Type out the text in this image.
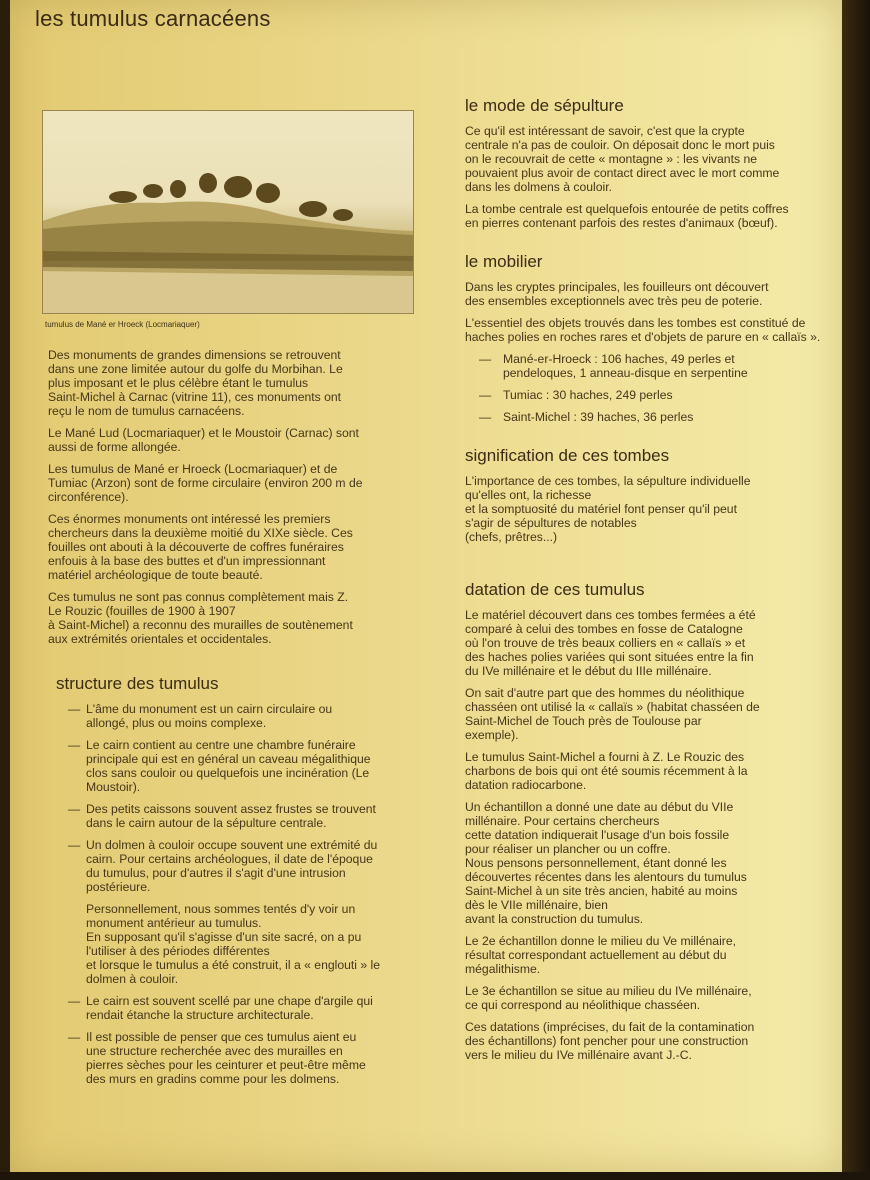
les tumulus carnacéens
tumulus de Mané er Hroeck (Locmariaquer)

Des monuments de grandes dimensions se retrouvent
dans une zone limitée autour du golfe du Morbihan. Le
plus imposant et le plus célèbre étant le tumulus
Saint-Michel à Carnac (vitrine 11), ces monuments ont
reçu le nom de tumulus carnacéens.

Le Mané Lud (Locmariaquer) et le Moustoir (Carnac) sont
aussi de forme allongée.

Les tumulus de Mané er Hroeck (Locmariaquer) et de
Tumiac (Arzon) sont de forme circulaire (environ 200 m de
circonférence).

Ces énormes monuments ont intéressé les premiers
chercheurs dans la deuxième moitié du XIXe siècle. Ces
fouilles ont abouti à la découverte de coffres funéraires
enfouis à la base des buttes et d'un impressionnant
matériel archéologique de toute beauté.

Ces tumulus ne sont pas connus complètement mais Z.
Le Rouzic (fouilles de 1900 à 1907
à Saint-Michel) a reconnu des murailles de soutènement
aux extrémités orientales et occidentales.

structure des tumulus
— L'âme du monument est un cairn circulaire ou
allongé, plus ou moins complexe.
— Le cairn contient au centre une chambre funéraire
principale qui est en général un caveau mégalithique
clos sans couloir ou quelquefois une incinération (Le
Moustoir).
— Des petits caissons souvent assez frustes se trouvent
dans le cairn autour de la sépulture centrale.
— Un dolmen à couloir occupe souvent une extrémité du
cairn. Pour certains archéologues, il date de l'époque
du tumulus, pour d'autres il s'agit d'une intrusion
postérieure.
Personnellement, nous sommes tentés d'y voir un
monument antérieur au tumulus.
En supposant qu'il s'agisse d'un site sacré, on a pu
l'utiliser à des périodes différentes
et lorsque le tumulus a été construit, il a « englouti » le
dolmen à couloir.
— Le cairn est souvent scellé par une chape d'argile qui
rendait étanche la structure architecturale.
— Il est possible de penser que ces tumulus aient eu
une structure recherchée avec des murailles en
pierres sèches pour les ceinturer et peut-être même
des murs en gradins comme pour les dolmens.
le mode de sépulture

Ce qu'il est intéressant de savoir, c'est que la crypte
centrale n'a pas de couloir. On déposait donc le mort puis
on le recouvrait de cette « montagne » : les vivants ne
pouvaient plus avoir de contact direct avec le mort comme
dans les dolmens à couloir.

La tombe centrale est quelquefois entourée de petits coffres
en pierres contenant parfois des restes d'animaux (bœuf).

le mobilier

Dans les cryptes principales, les fouilleurs ont découvert
des ensembles exceptionnels avec très peu de poterie.

L'essentiel des objets trouvés dans les tombes est constitué de
haches polies en roches rares et d'objets de parure en « callaïs ».

— Mané-er-Hroeck : 106 haches, 49 perles et
pendeloques, 1 anneau-disque en serpentine
— Tumiac : 30 haches, 249 perles
— Saint-Michel : 39 haches, 36 perles
signification de ces tombes

L'importance de ces tombes, la sépulture individuelle
qu'elles ont, la richesse
et la somptuosité du matériel font penser qu'il peut
s'agir de sépultures de notables
(chefs, prêtres...)

datation de ces tumulus

Le matériel découvert dans ces tombes fermées a été
comparé à celui des tombes en fosse de Catalogne
où l'on trouve de très beaux colliers en « callaïs » et
des haches polies variées qui sont situées entre la fin
du IVe millénaire et le début du IIIe millénaire.

On sait d'autre part que des hommes du néolithique
chasséen ont utilisé la « callaïs » (habitat chasséen de
Saint-Michel de Touch près de Toulouse par
exemple).

Le tumulus Saint-Michel a fourni à Z. Le Rouzic des
charbons de bois qui ont été soumis récemment à la
datation radiocarbone.

Un échantillon a donné une date au début du VIIe
millénaire. Pour certains chercheurs
cette datation indiquerait l'usage d'un bois fossile
pour réaliser un plancher ou un coffre.
Nous pensons personnellement, étant donné les
découvertes récentes dans les alentours du tumulus
Saint-Michel à un site très ancien, habité au moins
dès le VIIe millénaire, bien
avant la construction du tumulus.

Le 2e échantillon donne le milieu du Ve millénaire,
résultat correspondant actuellement au début du
mégalithisme.

Le 3e échantillon se situe au milieu du IVe millénaire,
ce qui correspond au néolithique chasséen.

Ces datations (imprécises, du fait de la contamination
des échantillons) font pencher pour une construction
vers le milieu du IVe millénaire avant J.-C.
